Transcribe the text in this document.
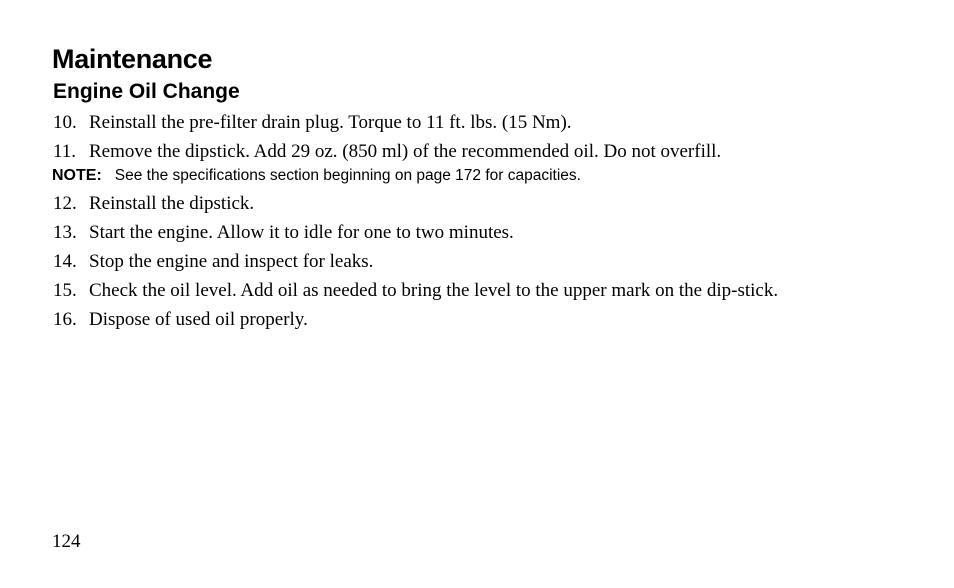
Maintenance
Engine Oil Change
10. Reinstall the pre-filter drain plug. Torque to 11 ft. lbs. (15 Nm).
11. Remove the dipstick. Add 29 oz. (850 ml) of the recommended oil. Do not overfill.
NOTE: See the specifications section beginning on page 172 for capacities.
12. Reinstall the dipstick.
13. Start the engine. Allow it to idle for one to two minutes.
14. Stop the engine and inspect for leaks.
15. Check the oil level. Add oil as needed to bring the level to the upper mark on the dip-stick.
16. Dispose of used oil properly.
124
